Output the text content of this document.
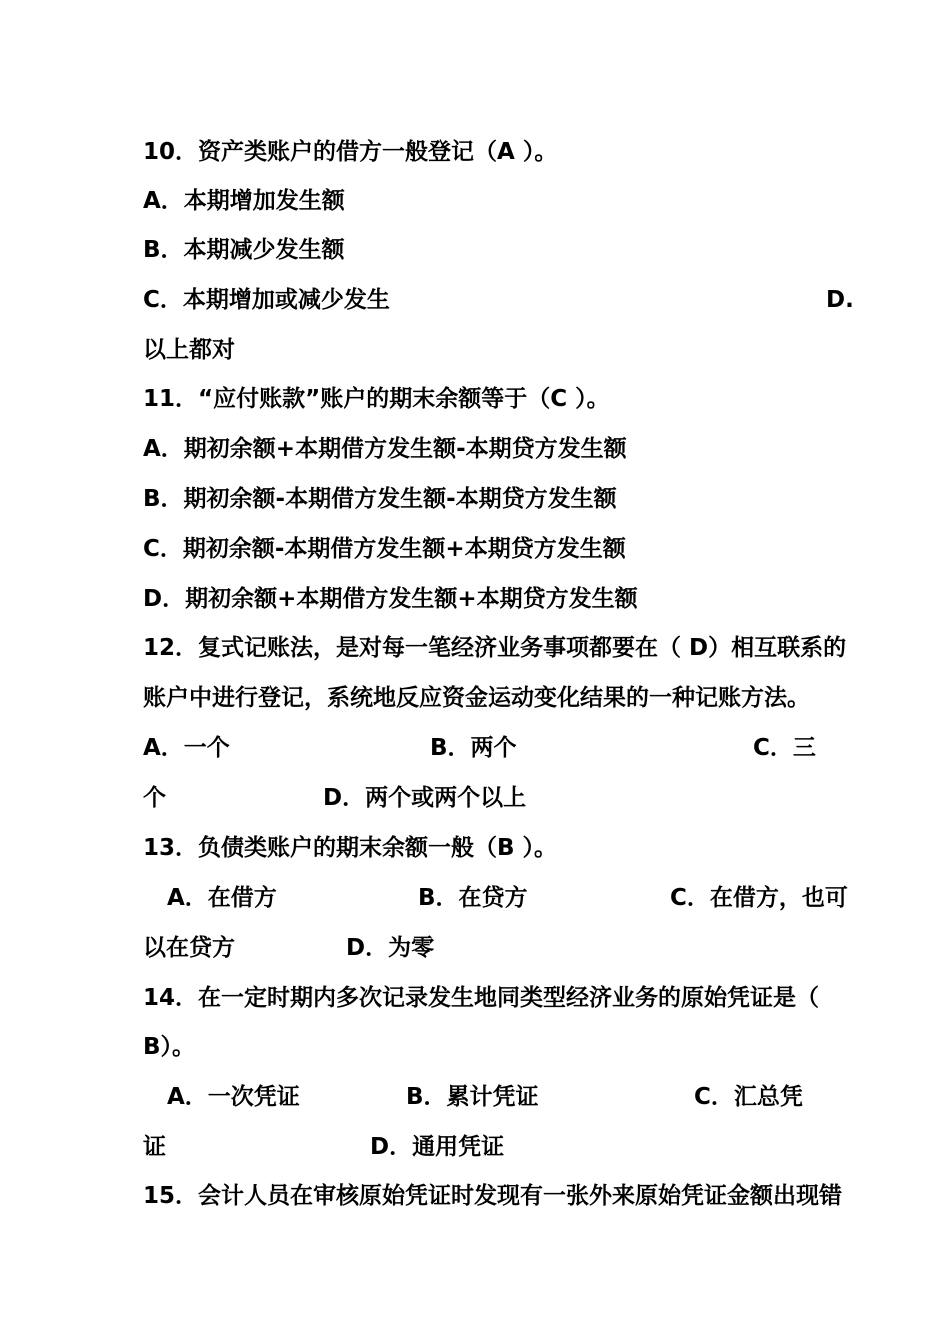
10．资产类账户的借方一般登记（A ）。
A．本期增加发生额
B．本期减少发生额
C．本期增加或减少发生	D.
以上都对
11．“应付账款”账户的期末余额等于（C ）。
A．期初余额+本期借方发生额-本期贷方发生额
B．期初余额-本期借方发生额-本期贷方发生额
C．期初余额-本期借方发生额+本期贷方发生额
D．期初余额+本期借方发生额+本期贷方发生额
12．复式记账法，是对每一笔经济业务事项都要在（ D）相互联系的
账户中进行登记，系统地反应资金运动变化结果的一种记账方法。
A．一个	B．两个	C．三
个	D．两个或两个以上
13．负债类账户的期末余额一般（B ）。
A．在借方	B．在贷方	C．在借方，也可
以在贷方	D．为零
14．在一定时期内多次记录发生地同类型经济业务的原始凭证是（
B）。
A．一次凭证	B．累计凭证	C．汇总凭
证	D．通用凭证
15．会计人员在审核原始凭证时发现有一张外来原始凭证金额出现错
